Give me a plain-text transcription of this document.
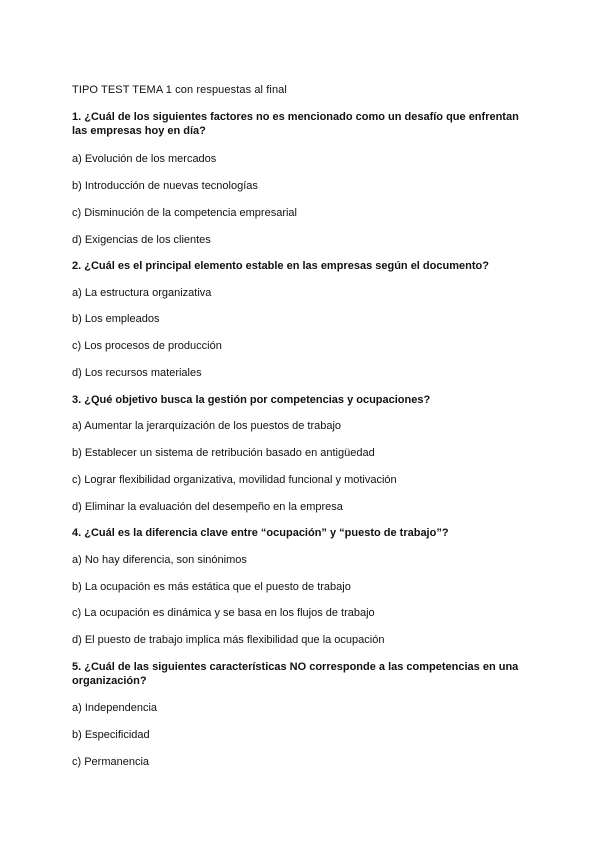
TIPO TEST TEMA 1 con respuestas al final
1. ¿Cuál de los siguientes factores no es mencionado como un desafío que enfrentan las empresas hoy en día?
a) Evolución de los mercados
b) Introducción de nuevas tecnologías
c) Disminución de la competencia empresarial
d) Exigencias de los clientes
2. ¿Cuál es el principal elemento estable en las empresas según el documento?
a) La estructura organizativa
b) Los empleados
c) Los procesos de producción
d) Los recursos materiales
3. ¿Qué objetivo busca la gestión por competencias y ocupaciones?
a) Aumentar la jerarquización de los puestos de trabajo
b) Establecer un sistema de retribución basado en antigüedad
c) Lograr flexibilidad organizativa, movilidad funcional y motivación
d) Eliminar la evaluación del desempeño en la empresa
4. ¿Cuál es la diferencia clave entre “ocupación” y “puesto de trabajo”?
a) No hay diferencia, son sinónimos
b) La ocupación es más estática que el puesto de trabajo
c) La ocupación es dinámica y se basa en los flujos de trabajo
d) El puesto de trabajo implica más flexibilidad que la ocupación
5. ¿Cuál de las siguientes características NO corresponde a las competencias en una organización?
a) Independencia
b) Especificidad
c) Permanencia
